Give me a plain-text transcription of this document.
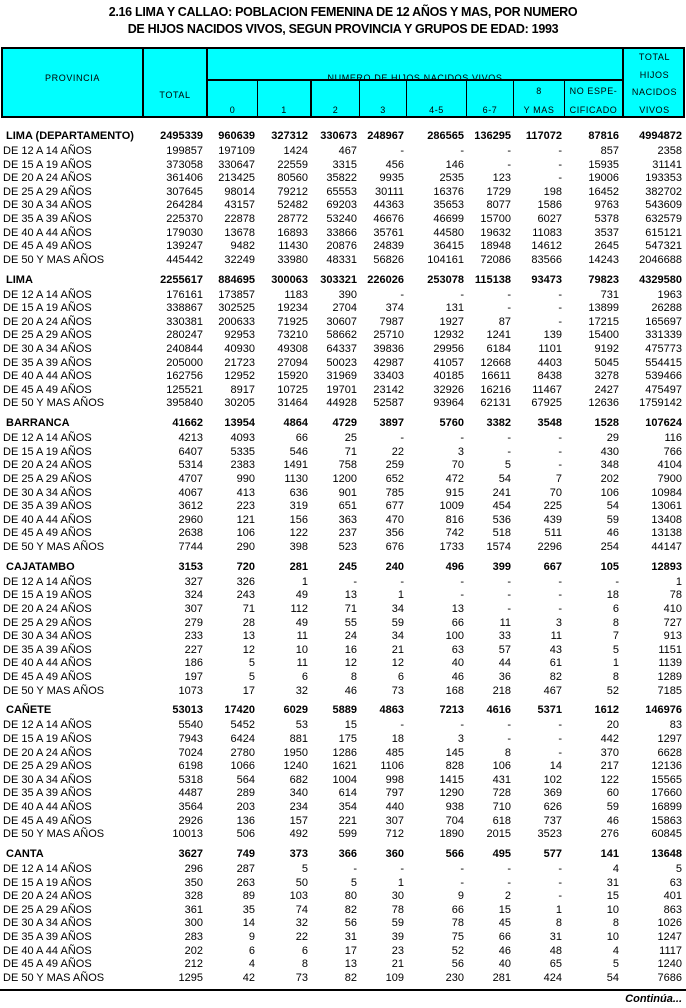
2.16 LIMA Y CALLAO: POBLACION FEMENINA DE 12 AÑOS Y MAS, POR NUMERO
DE HIJOS NACIDOS VIVOS, SEGUN PROVINCIA Y GRUPOS DE EDAD: 1993
PROVINCIA
TOTAL
NUMERO DE HIJOS NACIDOS VIVOS
0	1	2	3	4-5	6-7
8
Y MAS
NO ESPE-
CIFICADO
TOTAL
HIJOS
NACIDOS
VIVOS
LIMA (DEPARTAMENTO)	2495339	960639	327312	330673 248967	286565 136295	117072	87816	4994872
DE 12 A 14 AÑOS	199857	197109	1424	467	-	-	-	-	857	2358
DE 15 A 19 AÑOS	373058	330647	22559	3315	456	146	-	-	15935	31141
DE 20 A 24 AÑOS	361406	213425	80560	35822	9935	2535	123	-	19006	193353
DE 25 A 29 AÑOS	307645	98014	79212	65553	30111	16376	1729	198	16452	382702
DE 30 A 34 AÑOS	264284	43157	52482	69203	44363	35653	8077	1586	9763	543609
DE 35 A 39 AÑOS	225370	22878	28772	53240	46676	46699	15700	6027	5378	632579
DE 40 A 44 AÑOS	179030	13678	16893	33866	35761	44580	19632	11083	3537	615121
DE 45 A 49 AÑOS	139247	9482	11430	20876	24839	36415	18948	14612	2645	547321
DE 50 Y MAS AÑOS	445442	32249	33980	48331	56826	104161	72086	83566	14243	2046688
LIMA	2255617	884695	300063	303321 226026	253078 115138	93473	79823	4329580
DE 12 A 14 AÑOS	176161	173857	1183	390	-	-	-	-	731	1963
DE 15 A 19 AÑOS	338867	302525	19234	2704	374	131	-	-	13899	26288
DE 20 A 24 AÑOS	330381	200633	71925	30607	7987	1927	87	-	17215	165697
DE 25 A 29 AÑOS	280247	92953	73210	58662	25710	12932	1241	139	15400	331339
DE 30 A 34 AÑOS	240844	40930	49308	64337	39836	29956	6184	1101	9192	475773
DE 35 A 39 AÑOS	205000	21723	27094	50023	42987	41057	12668	4403	5045	554415
DE 40 A 44 AÑOS	162756	12952	15920	31969	33403	40185	16611	8438	3278	539466
DE 45 A 49 AÑOS	125521	8917	10725	19701	23142	32926	16216	11467	2427	475497
DE 50 Y MAS AÑOS	395840	30205	31464	44928	52587	93964	62131	67925	12636	1759142
BARRANCA	41662	13954	4864	4729	3897	5760	3382	3548	1528	107624
DE 12 A 14 AÑOS	4213	4093	66	25	-	-	-	-	29	116
DE 15 A 19 AÑOS	6407	5335	546	71	22	3	-	-	430	766
DE 20 A 24 AÑOS	5314	2383	1491	758	259	70	5	-	348	4104
DE 25 A 29 AÑOS	4707	990	1130	1200	652	472	54	7	202	7900
DE 30 A 34 AÑOS	4067	413	636	901	785	915	241	70	106	10984
DE 35 A 39 AÑOS	3612	223	319	651	677	1009	454	225	54	13061
DE 40 A 44 AÑOS	2960	121	156	363	470	816	536	439	59	13408
DE 45 A 49 AÑOS	2638	106	122	237	356	742	518	511	46	13138
DE 50 Y MAS AÑOS	7744	290	398	523	676	1733	1574	2296	254	44147
CAJATAMBO	3153	720	281	245	240	496	399	667	105	12893
DE 12 A 14 AÑOS	327	326	1	-	-	-	-	-	-	1
DE 15 A 19 AÑOS	324	243	49	13	1	-	-	-	18	78
DE 20 A 24 AÑOS	307	71	112	71	34	13	-	-	6	410
DE 25 A 29 AÑOS	279	28	49	55	59	66	11	3	8	727
DE 30 A 34 AÑOS	233	13	11	24	34	100	33	11	7	913
DE 35 A 39 AÑOS	227	12	10	16	21	63	57	43	5	1151
DE 40 A 44 AÑOS	186	5	11	12	12	40	44	61	1	1139
DE 45 A 49 AÑOS	197	5	6	8	6	46	36	82	8	1289
DE 50 Y MAS AÑOS	1073	17	32	46	73	168	218	467	52	7185
CAÑETE	53013	17420	6029	5889	4863	7213	4616	5371	1612	146976
DE 12 A 14 AÑOS	5540	5452	53	15	-	-	-	-	20	83
DE 15 A 19 AÑOS	7943	6424	881	175	18	3	-	-	442	1297
DE 20 A 24 AÑOS	7024	2780	1950	1286	485	145	8	-	370	6628
DE 25 A 29 AÑOS	6198	1066	1240	1621	1106	828	106	14	217	12136
DE 30 A 34 AÑOS	5318	564	682	1004	998	1415	431	102	122	15565
DE 35 A 39 AÑOS	4487	289	340	614	797	1290	728	369	60	17660
DE 40 A 44 AÑOS	3564	203	234	354	440	938	710	626	59	16899
DE 45 A 49 AÑOS	2926	136	157	221	307	704	618	737	46	15863
DE 50 Y MAS AÑOS	10013	506	492	599	712	1890	2015	3523	276	60845
CANTA	3627	749	373	366	360	566	495	577	141	13648
DE 12 A 14 AÑOS	296	287	5	-	-	-	-	-	4	5
DE 15 A 19 AÑOS	350	263	50	5	1	-	-	-	31	63
DE 20 A 24 AÑOS	328	89	103	80	30	9	2	-	15	401
DE 25 A 29 AÑOS	361	35	74	82	78	66	15	1	10	863
DE 30 A 34 AÑOS	300	14	32	56	59	78	45	8	8	1026
DE 35 A 39 AÑOS	283	9	22	31	39	75	66	31	10	1247
DE 40 A 44 AÑOS	202	6	6	17	23	52	46	48	4	1117
DE 45 A 49 AÑOS	212	4	8	13	21	56	40	65	5	1240
DE 50 Y MAS AÑOS	1295	42	73	82	109	230	281	424	54	7686
Continúa...
